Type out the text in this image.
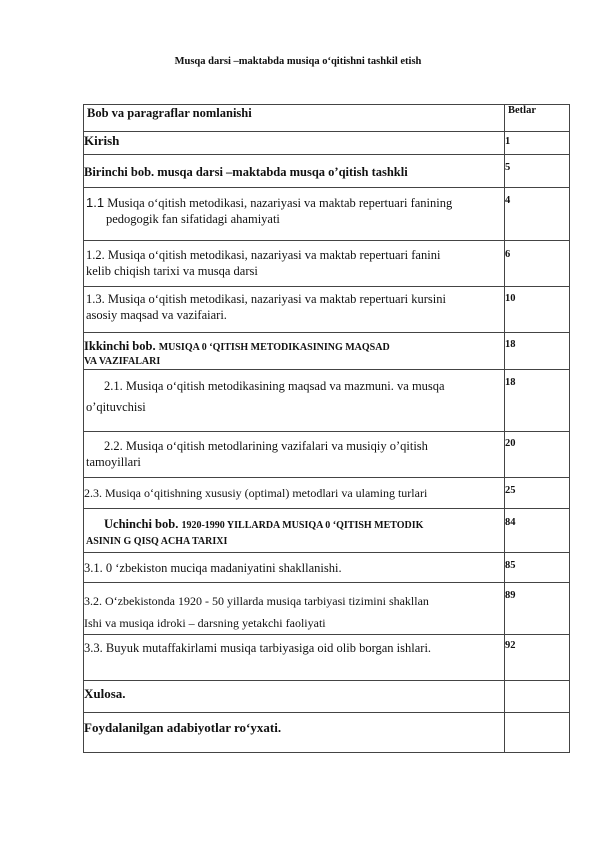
Musqa darsi –maktabda musiqa o‘qitishni tashkil etish
Bob va paragraflar nomlanishi	Betlar
Kirish	1
Birinchi bob. musqa darsi –maktabda musqa o’qitish tashkli	5
1.1 Musiqa o‘qitish metodikasi, nazariyasi va maktab repertuari fanining
pedogogik fan sifatidagi ahamiyati	4
1.2. Musiqa o‘qitish metodikasi, nazariyasi va maktab repertuari fanini
kelib chiqish tarixi va musqa darsi	6
1.3. Musiqa o‘qitish metodikasi, nazariyasi va maktab repertuari kursini
asosiy maqsad va vazifaiari.	10
Ikkinchi bob. MUSIQA 0 ‘QITISH METODIKASINING MAQSAD
VA VAZIFALARI	18
2.1. Musiqa o‘qitish metodikasining maqsad va mazmuni. va musqa
o’qituvchisi	18
2.2. Musiqa o‘qitish metodlarining vazifalari va musiqiy o’qitish
tamoyillari	20
2.3. Musiqa o‘qitishning xususiy (optimal) metodlari va ulaming turlari	25
Uchinchi bob. 1920-1990 YILLARDA MUSIQA 0 ‘QITISH METODIK
ASININ G QISQ ACHA TARIXI	84
3.1. 0 ‘zbekiston muciqa madaniyatini shakllanishi.	85
3.2. O‘zbekistonda 1920 - 50 yillarda musiqa tarbiyasi tizimini shakllan
Ishi va musiqa idroki – darsning yetakchi faoliyati	89
3.3. Buyuk mutaffakirlami musiqa tarbiyasiga oid olib borgan ishlari.	92
Xulosa.	
Foydalanilgan adabiyotlar ro‘yxati.	
